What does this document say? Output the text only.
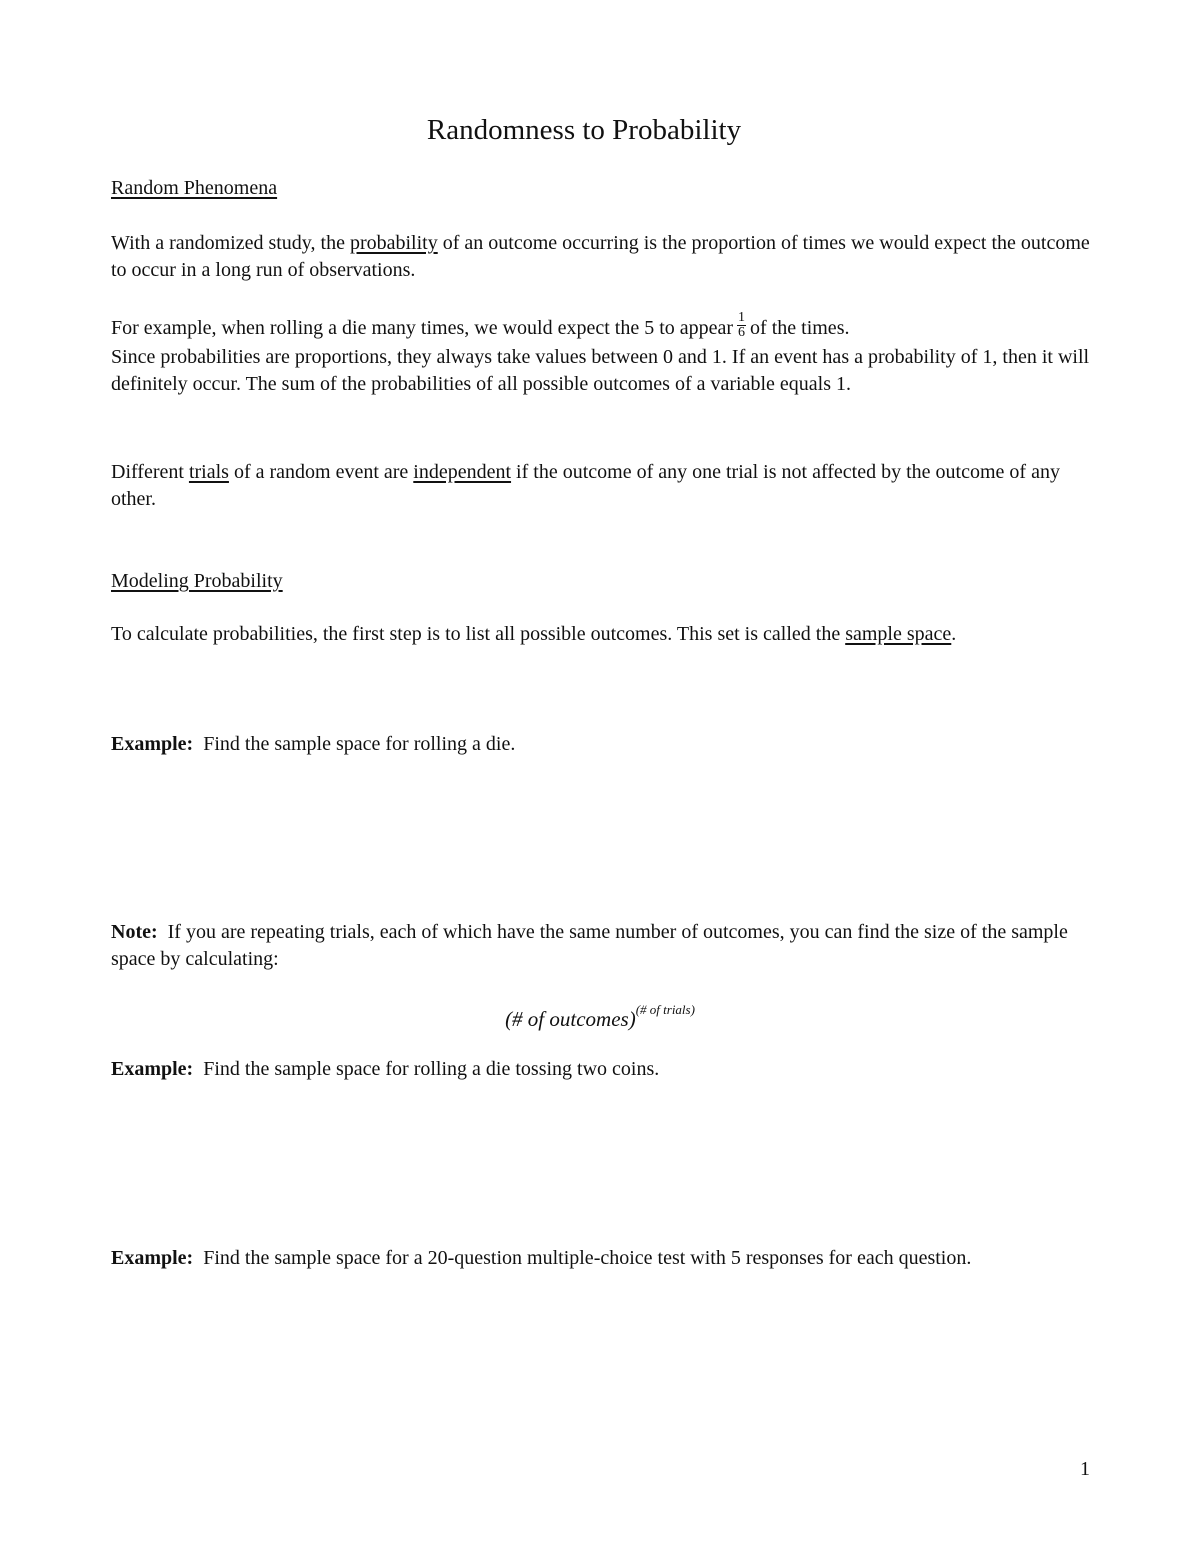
Randomness to Probability

Random Phenomena

With a randomized study, the probability of an outcome occurring is the proportion of times we would expect the outcome to occur in a long run of observations.

For example, when rolling a die many times, we would expect the 5 to appear $\frac{1}{6}$ of the times.
Since probabilities are proportions, they always take values between 0 and 1. If an event has a probability of 1, then it will definitely occur. The sum of the probabilities of all possible outcomes of a variable equals 1.

Different trials of a random event are independent if the outcome of any one trial is not affected by the outcome of any other.

Modeling Probability

To calculate probabilities, the first step is to list all possible outcomes. This set is called the sample space.

Example:  Find the sample space for rolling a die.

Note:  If you are repeating trials, each of which have the same number of outcomes, you can find the size of the sample space by calculating:

(# of outcomes)$^{(\# of trials)}$

Example:  Find the sample space for rolling a die tossing two coins.

Example:  Find the sample space for a 20-question multiple-choice test with 5 responses for each question.

1
